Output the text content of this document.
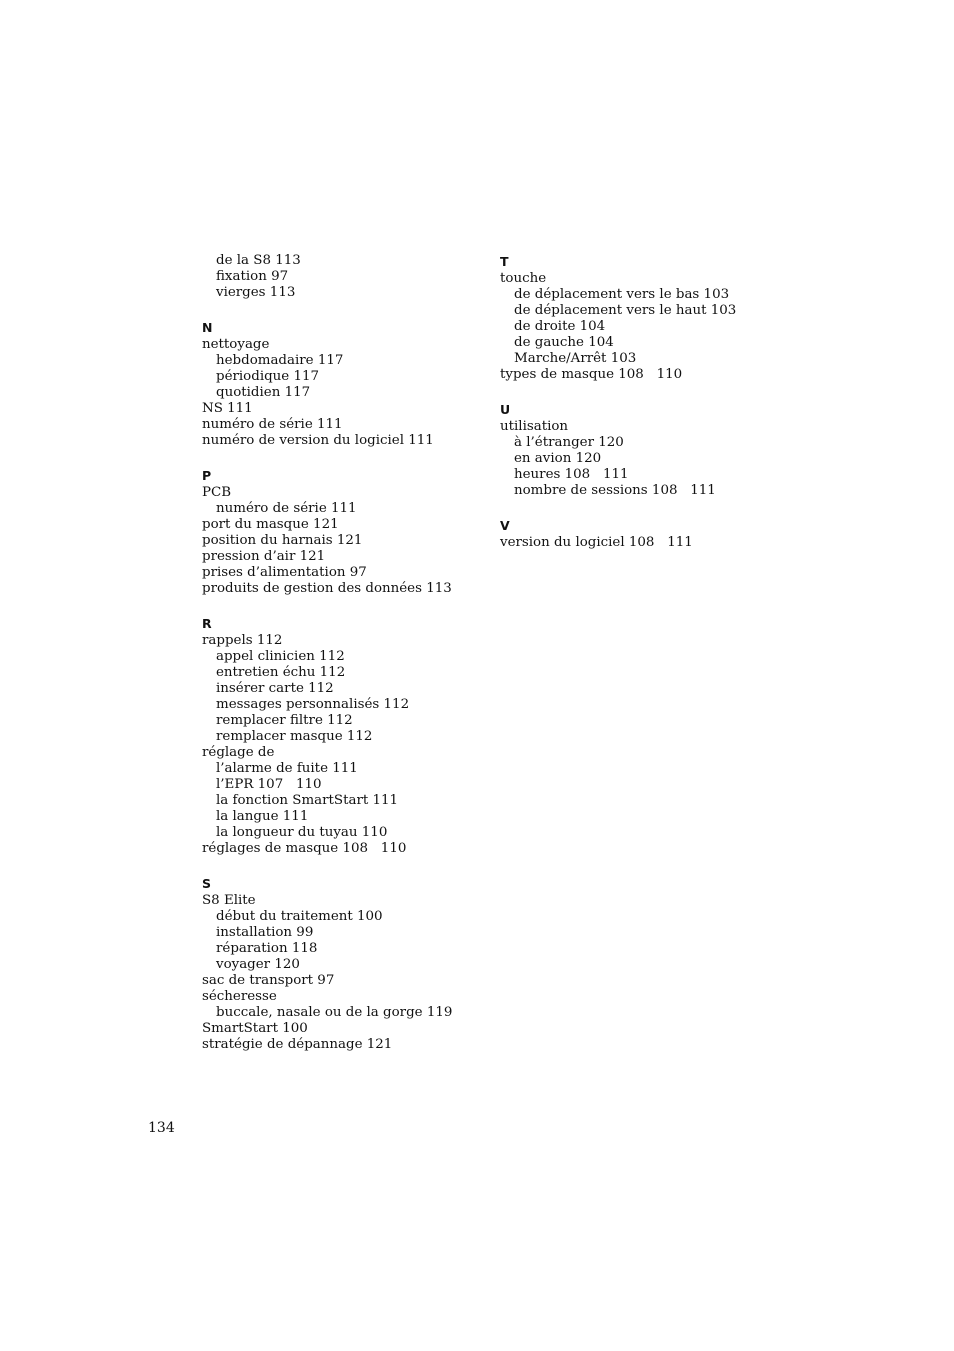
de la S8 113
fixation 97
vierges 113
N
nettoyage
hebdomadaire 117
périodique 117
quotidien 117
NS 111
numéro de série 111
numéro de version du logiciel 111
P
PCB
numéro de série 111
port du masque 121
position du harnais 121
pression d’air 121
prises d’alimentation 97
produits de gestion des données 113
R
rappels 112
appel clinicien 112
entretien échu 112
insérer carte 112
messages personnalisés 112
remplacer filtre 112
remplacer masque 112
réglage de
l’alarme de fuite 111
l’EPR 107   110
la fonction SmartStart 111
la langue 111
la longueur du tuyau 110
réglages de masque 108   110
S
S8 Elite
début du traitement 100
installation 99
réparation 118
voyager 120
sac de transport 97
sécheresse
buccale, nasale ou de la gorge 119
SmartStart 100
stratégie de dépannage 121
T
touche
de déplacement vers le bas 103
de déplacement vers le haut 103
de droite 104
de gauche 104
Marche/Arrêt 103
types de masque 108   110
U
utilisation
à l’étranger 120
en avion 120
heures 108   111
nombre de sessions 108   111
V
version du logiciel 108   111
134
